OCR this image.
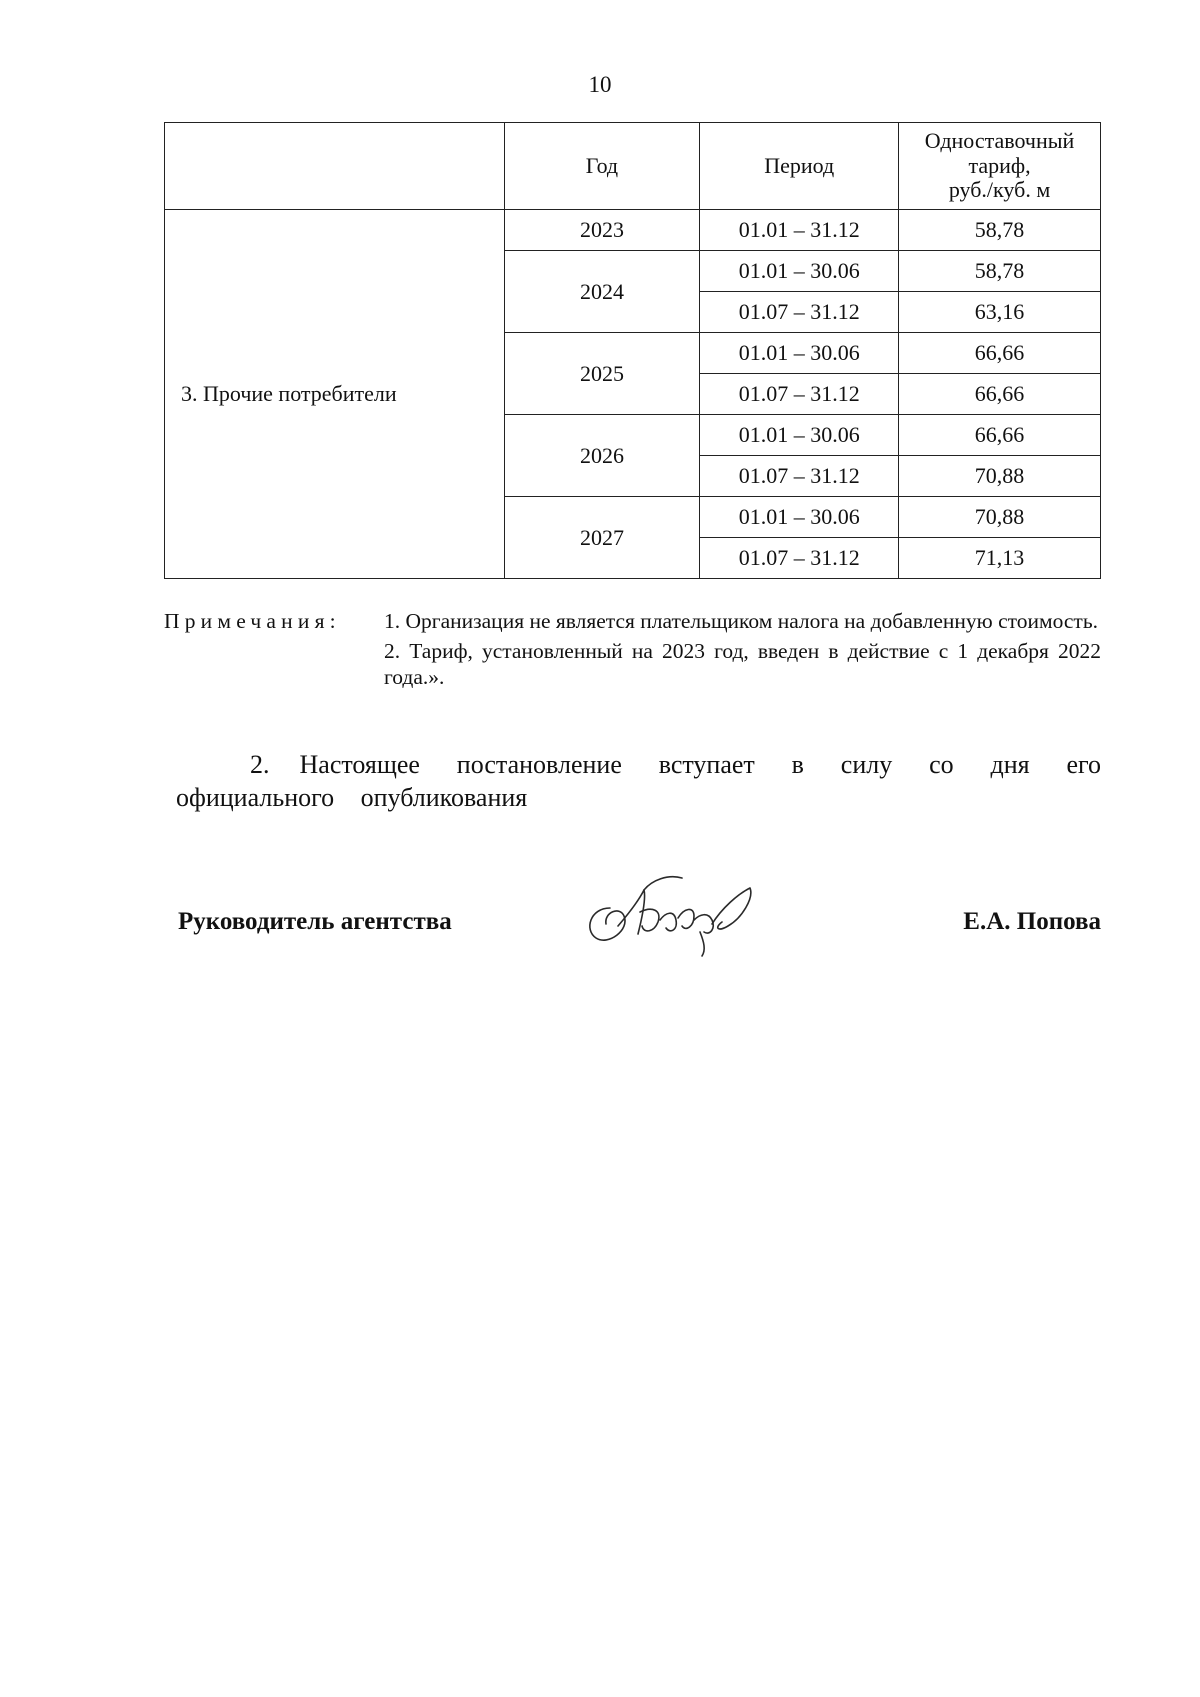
10
	Год	Период	Одноставочный
тариф,
руб./куб. м

3. Прочие потребители	2023	01.01 – 31.12	58,78
	2024	01.01 – 30.06	58,78
		01.07 – 31.12	63,16
	2025	01.01 – 30.06	66,66
		01.07 – 31.12	66,66
	2026	01.01 – 30.06	66,66
		01.07 – 31.12	70,88
	2027	01.01 – 30.06	70,88
		01.07 – 31.12	71,13
Примечания: 1. Организация не является плательщиком налога на добавленную стоимость.

2. Тариф, установленный на 2023 год, введен в действие с 1 декабря 2022 года.».

2. Настоящее постановление вступает в силу со дня его официального опубликования
Руководитель агентства	Е.А. Попова
